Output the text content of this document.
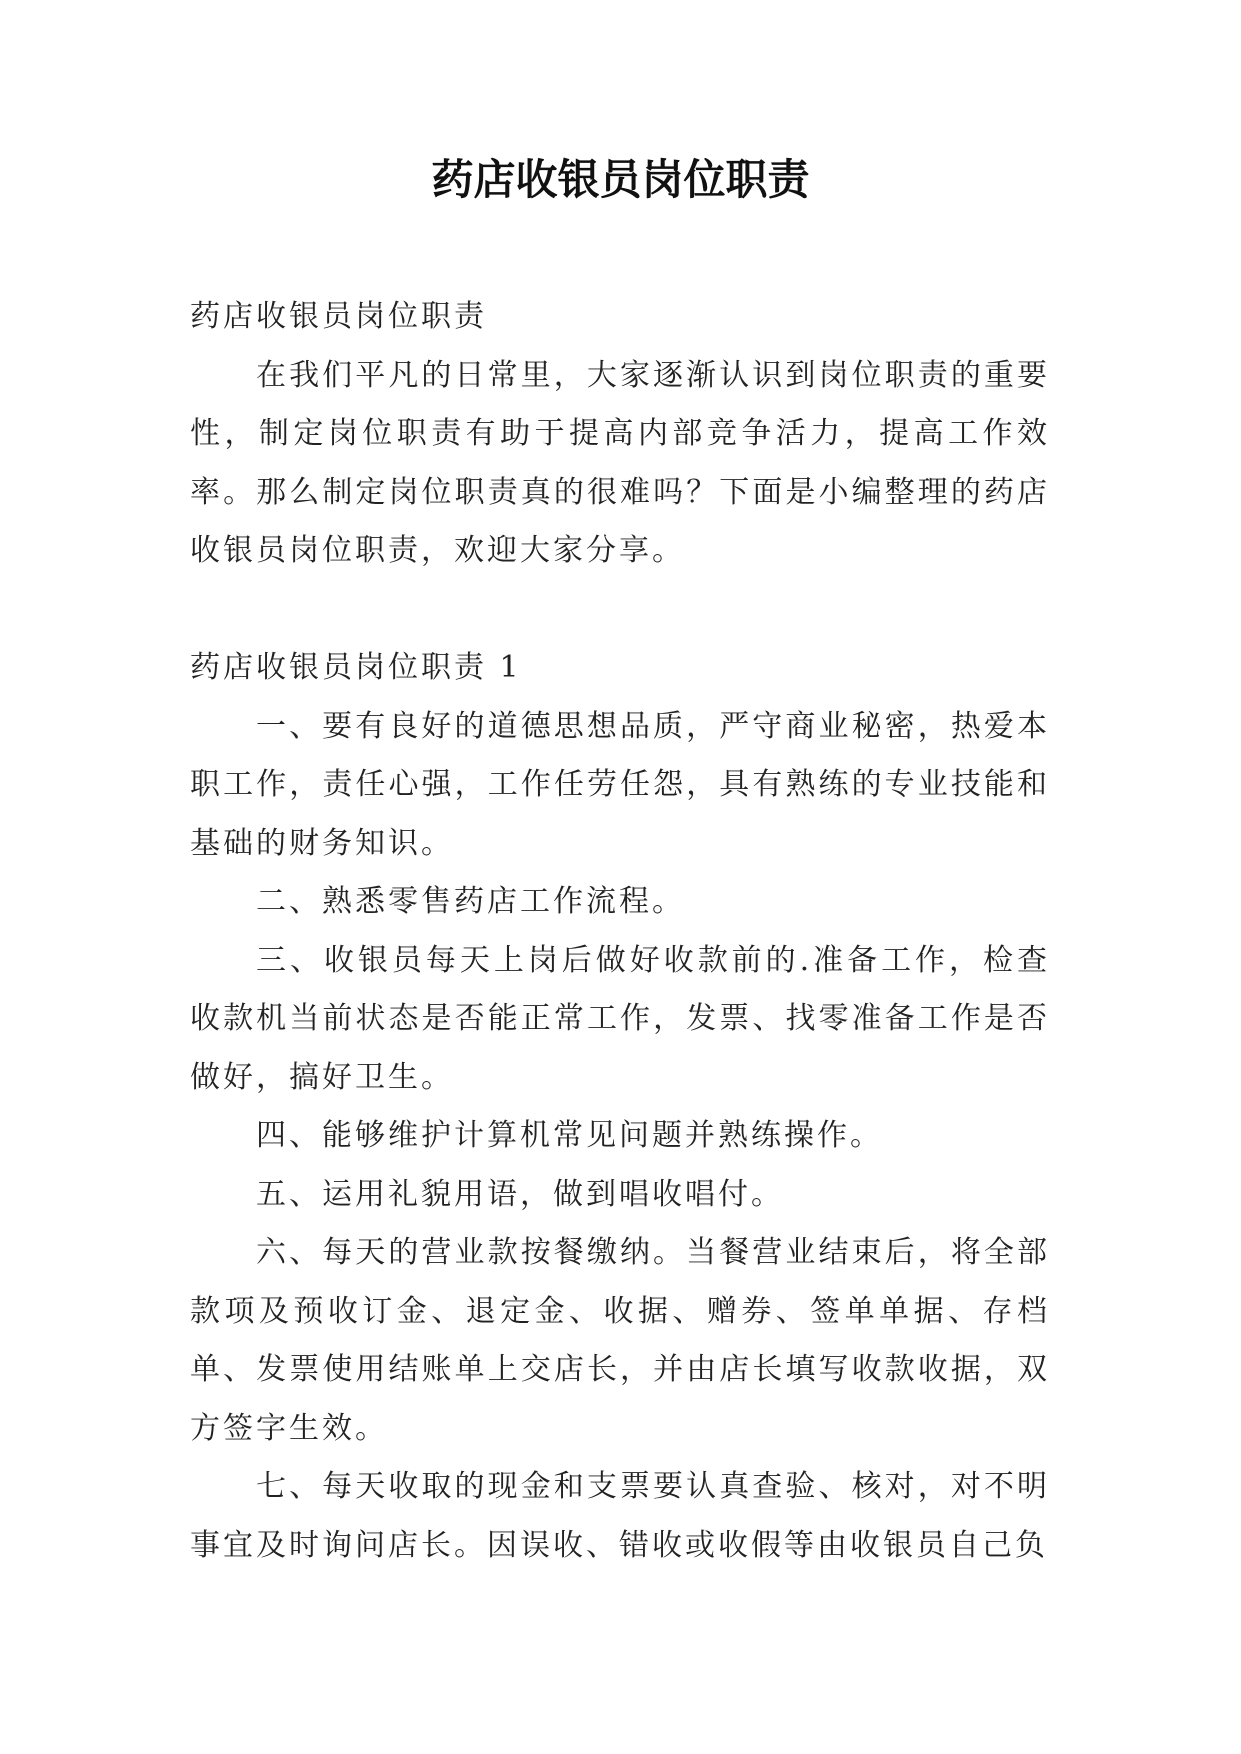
药店收银员岗位职责

药店收银员岗位职责

在我们平凡的日常里，大家逐渐认识到岗位职责的重要性，制定岗位职责有助于提高内部竞争活力，提高工作效率。那么制定岗位职责真的很难吗？下面是小编整理的药店收银员岗位职责，欢迎大家分享。

药店收银员岗位职责 1

一、要有良好的道德思想品质，严守商业秘密，热爱本职工作，责任心强，工作任劳任怨，具有熟练的专业技能和基础的财务知识。

二、熟悉零售药店工作流程。

三、收银员每天上岗后做好收款前的.准备工作，检查收款机当前状态是否能正常工作，发票、找零准备工作是否做好，搞好卫生。

四、能够维护计算机常见问题并熟练操作。

五、运用礼貌用语，做到唱收唱付。

六、每天的营业款按餐缴纳。当餐营业结束后，将全部款项及预收订金、退定金、收据、赠券、签单单据、存档单、发票使用结账单上交店长，并由店长填写收款收据，双方签字生效。

七、每天收取的现金和支票要认真查验、核对，对不明事宜及时询问店长。因误收、错收或收假等由收银员自己负
